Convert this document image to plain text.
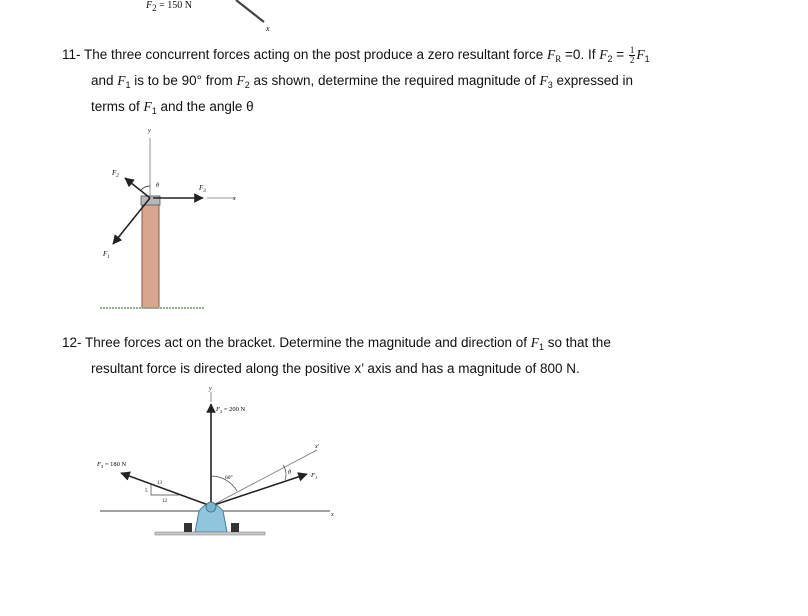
F2 = 150 N
x
11- The three concurrent forces acting on the post produce a zero resultant force $F_R =0$. If $F_2 = \frac{1}{2} F_1$
and $F_1$ is to be 90° from $F_2$ as shown, determine the required magnitude of $F_3$ expressed in
terms of $F_1$ and the angle θ
y
x
$F_3$
$F_2$
$F_1$
θ
12- Three forces act on the bracket. Determine the magnitude and direction of $F_1$ so that the
resultant force is directed along the positive x’ axis and has a magnitude of 800 N.
y
x
x′
$F_2 = 200$ N
$F_3 = 180$ N
13
5
12
$F_1$
60°
θ
